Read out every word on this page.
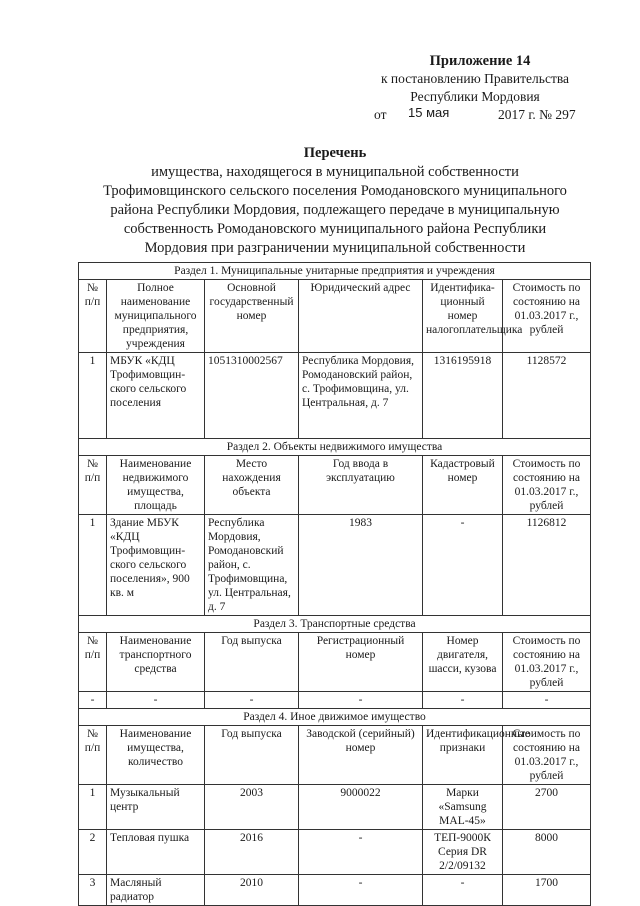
Приложение 14
к постановлению Правительства
Республики Мордовия
от 15 мая	2017 г. № 297
Перечень
имущества, находящегося в муниципальной собственности
Трофимовщинского сельского поселения Ромодановского муниципального
района Республики Мордовия, подлежащего передаче в муниципальную
собственность Ромодановского муниципального района Республики
Мордовия при разграничении муниципальной собственности
Раздел 1. Муниципальные унитарные предприятия и учреждения					
№ п/п	Полное наименование муниципального предприятия, учреждения	Основной государственный номер	Юридический адрес	Идентифика-ционный номер налогоплательщика	Стоимость по состоянию на 01.03.2017 г., рублей
1	МБУК «КДЦ Трофимовщин-ского сельского поселения	1051310002567	Республика Мордовия, Ромодановский район, с. Трофимовщина, ул. Центральная, д. 7	1316195918	1128572
Раздел 2. Объекты недвижимого имущества					
№ п/п	Наименование недвижимого имущества, площадь	Место нахождения объекта	Год ввода в эксплуатацию	Кадастровый номер	Стоимость по состоянию на 01.03.2017 г., рублей
1	Здание МБУК «КДЦ Трофимовщин-ского сельского поселения», 900 кв. м	Республика Мордовия, Ромодановский район, с. Трофимовщина, ул. Центральная, д. 7	1983	-	1126812
Раздел 3. Транспортные средства					
№ п/п	Наименование транспортного средства	Год выпуска	Регистрационный номер	Номер двигателя, шасси, кузова	Стоимость по состоянию на 01.03.2017 г., рублей
-	-	-	-	-	-
Раздел 4. Иное движимое имущество					
№ п/п	Наименование имущества, количество	Год выпуска	Заводской (серийный) номер	Идентификационные признаки	Стоимость по состоянию на 01.03.2017 г., рублей
1	Музыкальный центр	2003	9000022	Марки «Samsung MAL-45»	2700
2	Тепловая пушка	2016	-	ТЕП-9000К Серия DR 2/2/09132	8000
3	Масляный радиатор	2010	-	-	1700
